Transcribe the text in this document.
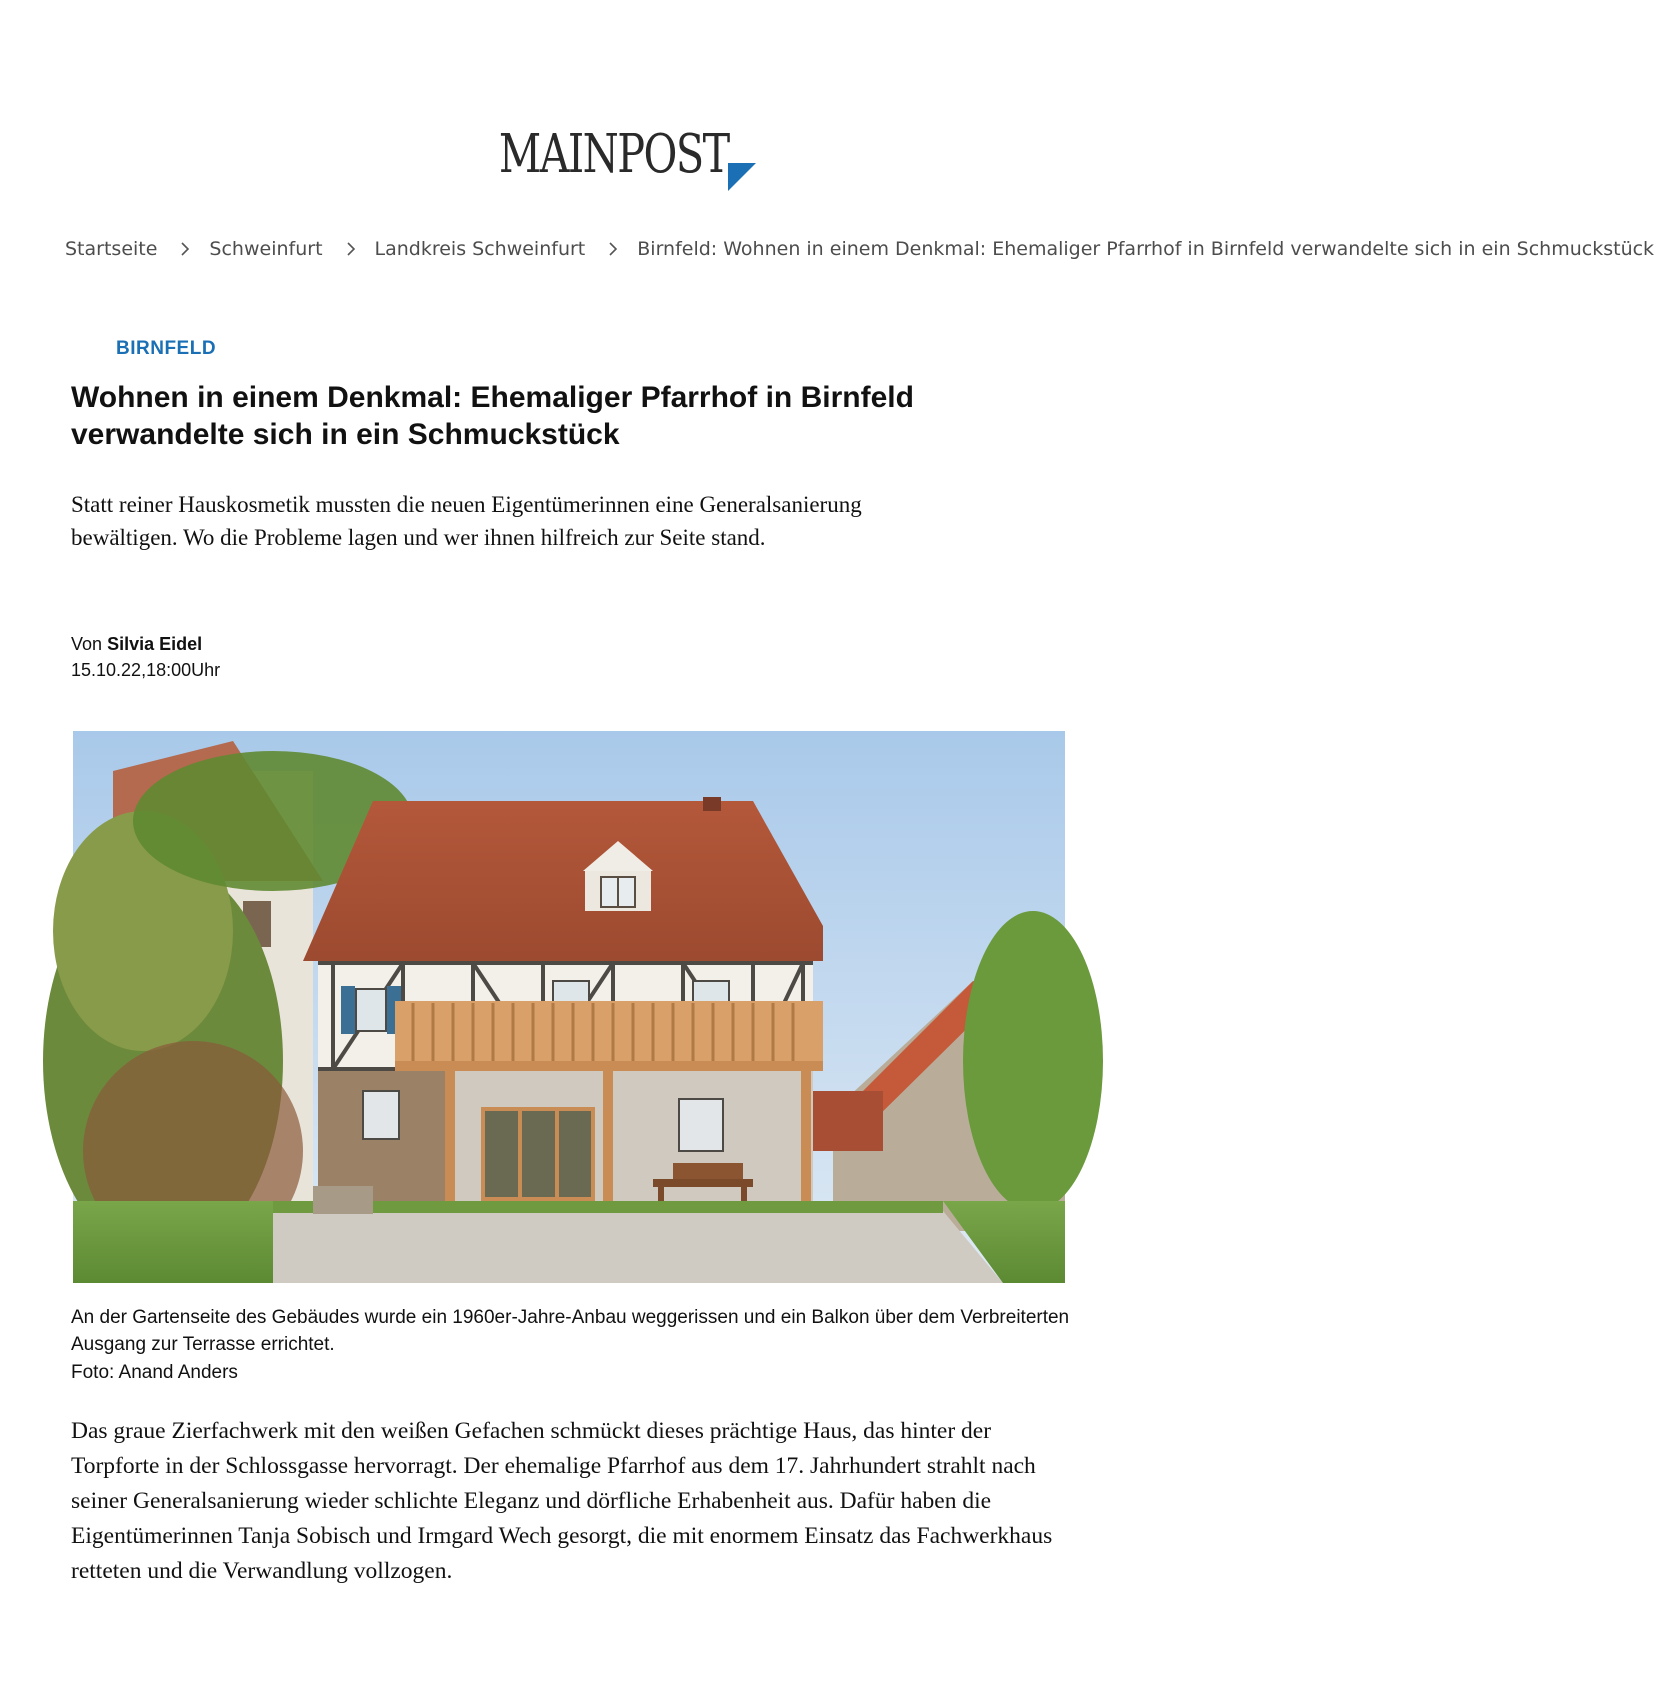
MAINPOST
Startseite	Schweinfurt	Landkreis Schweinfurt	Birnfeld: Wohnen in einem Denkmal: Ehemaliger Pfarrhof in Birnfeld verwandelte sich in ein Schmuckstück
BIRNFELD
Wohnen in einem Denkmal: Ehemaliger Pfarrhof in Birnfeld verwandelte sich in ein Schmuckstück

Statt reiner Hauskosmetik mussten die neuen Eigentümerinnen eine Generalsanierung bewältigen. Wo die Probleme lagen und wer ihnen hilfreich zur Seite stand.

Von Silvia Eidel
15.10.22,18:00Uhr

An der Gartenseite des Gebäudes wurde ein 1960er-Jahre-Anbau weggerissen und ein Balkon über dem Verbreiterten Ausgang zur Terrasse errichtet.

Foto: Anand Anders

Das graue Zierfachwerk mit den weißen Gefachen schmückt dieses prächtige Haus, das hinter der Torpforte in der Schlossgasse hervorragt. Der ehemalige Pfarrhof aus dem 17. Jahrhundert strahlt nach seiner Generalsanierung wieder schlichte Eleganz und dörfliche Erhabenheit aus. Dafür haben die Eigentümerinnen Tanja Sobisch und Irmgard Wech gesorgt, die mit enormem Einsatz das Fachwerkhaus retteten und die Verwandlung vollzogen.
